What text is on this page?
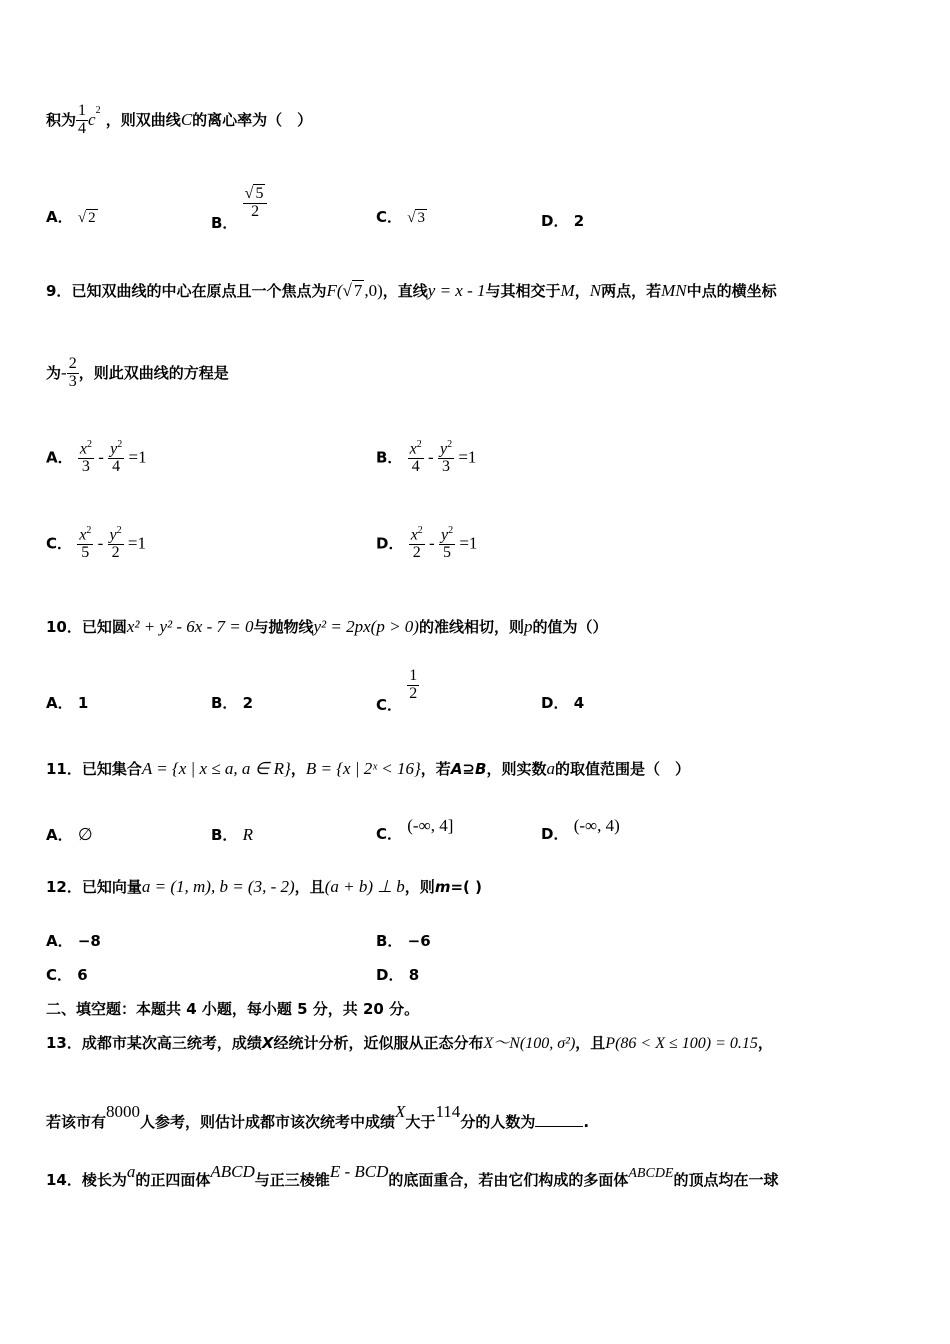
积为 $\frac{1}{4} c^2$ ，则双曲线C的离心率为（　）
A． √ 2	B．
$\frac{√ 5}{2}$	C． √ 3	D． 2
9．已知双曲线的中心在原点且一个焦点为F(√ 7 ,0)，直线y = x - 1与其相交于M，N两点，若MN中点的横坐标
为- $\frac{2}{3}$ ，则此双曲线的方程是
A． $\frac{x^2}{3} - \frac{y^2}{4} =1$	B． $\frac{x^2}{4} - \frac{y^2}{3} =1$
C． $\frac{x^2}{5} - \frac{y^2}{2} =1$	D． $\frac{x^2}{2} - \frac{y^2}{5} =1$
10．已知圆x² + y² - 6x - 7 = 0与抛物线y² = 2px(p > 0)的准线相切，则p的值为（）
A． 1	B． 2	C．
$\frac{1}{2}$
D． 4
11．已知集合A = {x | x ≤ a, a ∈ R}，B = {x | 2ˣ < 16}，若A⊇B，则实数a的取值范围是（　）
A． ∅	B． R	C． (-∞, 4]	D． (-∞, 4)
12．已知向量a = (1, m), b = (3, - 2)，且(a + b) ⊥ b，则m=( )
A． −8	B． −6
C． 6	D． 8
二、填空题：本题共 4 小题，每小题 5 分，共 20 分。
13．成都市某次高三统考，成绩X经统计分析，近似服从正态分布X～N(100, σ²)，且P(86 < X ≤ 100) = 0.15，
若该市有8000人参考，则估计成都市该次统考中成绩X大于114分的人数为	.
14．棱长为a的正四面体ABCD与正三棱锥E - BCD的底面重合，若由它们构成的多面体ABCDE的顶点均在一球
